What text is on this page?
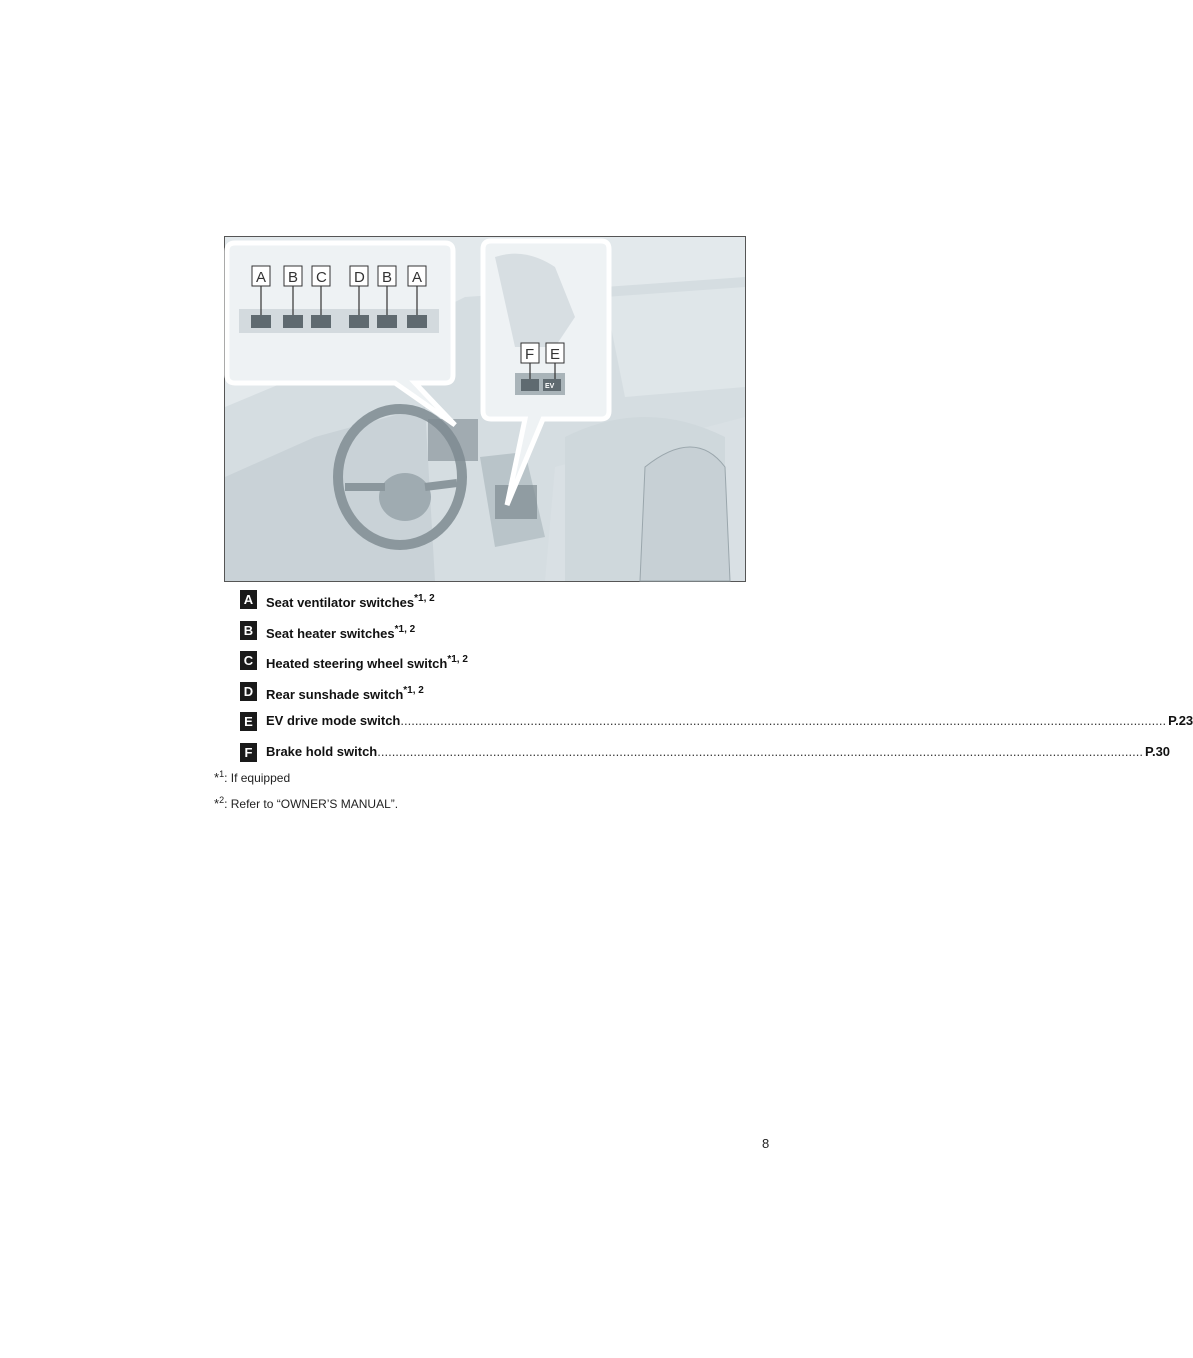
A B C D B A
EV
F E
A Seat ventilator switches$^{*1, 2}$
B Seat heater switches$^{*1, 2}$
C Heated steering wheel switch$^{*1, 2}$
D Rear sunshade switch$^{*1, 2}$
E	EV drive mode switch .....	P.23
F	Brake hold switch .....	P.30
*$^1$: If equipped
*$^2$: Refer to “OWNER’S MANUAL”.
8
